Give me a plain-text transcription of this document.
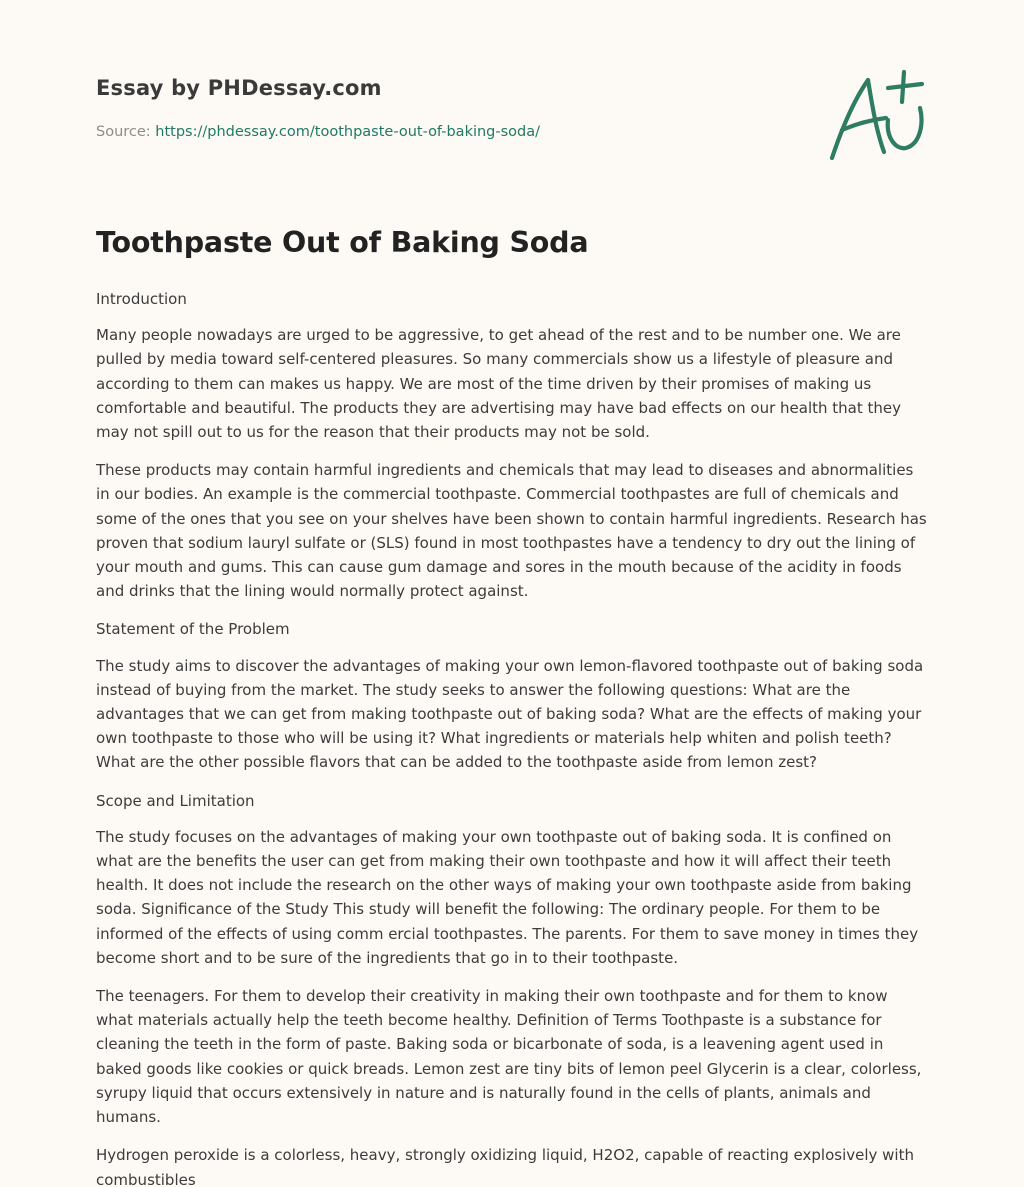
Essay by PHDessay.com
Source: https://phdessay.com/toothpaste-out-of-baking-soda/
Toothpaste Out of Baking Soda

Introduction

Many people nowadays are urged to be aggressive, to get ahead of the rest and to be number one. We are pulled by media toward self-centered pleasures. So many commercials show us a lifestyle of pleasure and according to them can makes us happy. We are most of the time driven by their promises of making us comfortable and beautiful. The products they are advertising may have bad effects on our health that they may not spill out to us for the reason that their products may not be sold.

These products may contain harmful ingredients and chemicals that may lead to diseases and abnormalities in our bodies. An example is the commercial toothpaste. Commercial toothpastes are full of chemicals and some of the ones that you see on your shelves have been shown to contain harmful ingredients. Research has proven that sodium lauryl sulfate or (SLS) found in most toothpastes have a tendency to dry out the lining of your mouth and gums. This can cause gum damage and sores in the mouth because of the acidity in foods and drinks that the lining would normally protect against.

Statement of the Problem

The study aims to discover the advantages of making your own lemon-flavored toothpaste out of baking soda instead of buying from the market. The study seeks to answer the following questions: What are the advantages that we can get from making toothpaste out of baking soda? What are the effects of making your own toothpaste to those who will be using it? What ingredients or materials help whiten and polish teeth? What are the other possible flavors that can be added to the toothpaste aside from lemon zest?

Scope and Limitation

The study focuses on the advantages of making your own toothpaste out of baking soda. It is confined on what are the benefits the user can get from making their own toothpaste and how it will affect their teeth health. It does not include the research on the other ways of making your own toothpaste aside from baking soda. Significance of the Study This study will benefit the following: The ordinary people. For them to be informed of the effects of using comm ercial toothpastes. The parents. For them to save money in times they become short and to be sure of the ingredients that go in to their toothpaste.

The teenagers. For them to develop their creativity in making their own toothpaste and for them to know what materials actually help the teeth become healthy. Definition of Terms Toothpaste is a substance for cleaning the teeth in the form of paste. Baking soda or bicarbonate of soda, is a leavening agent used in baked goods like cookies or quick breads. Lemon zest are tiny bits of lemon peel Glycerin is a clear, colorless, syrupy liquid that occurs extensively in nature and is naturally found in the cells of plants, animals and humans.

Hydrogen peroxide is a colorless, heavy, strongly oxidizing liquid, H2O2, capable of reacting explosively with combustibles
